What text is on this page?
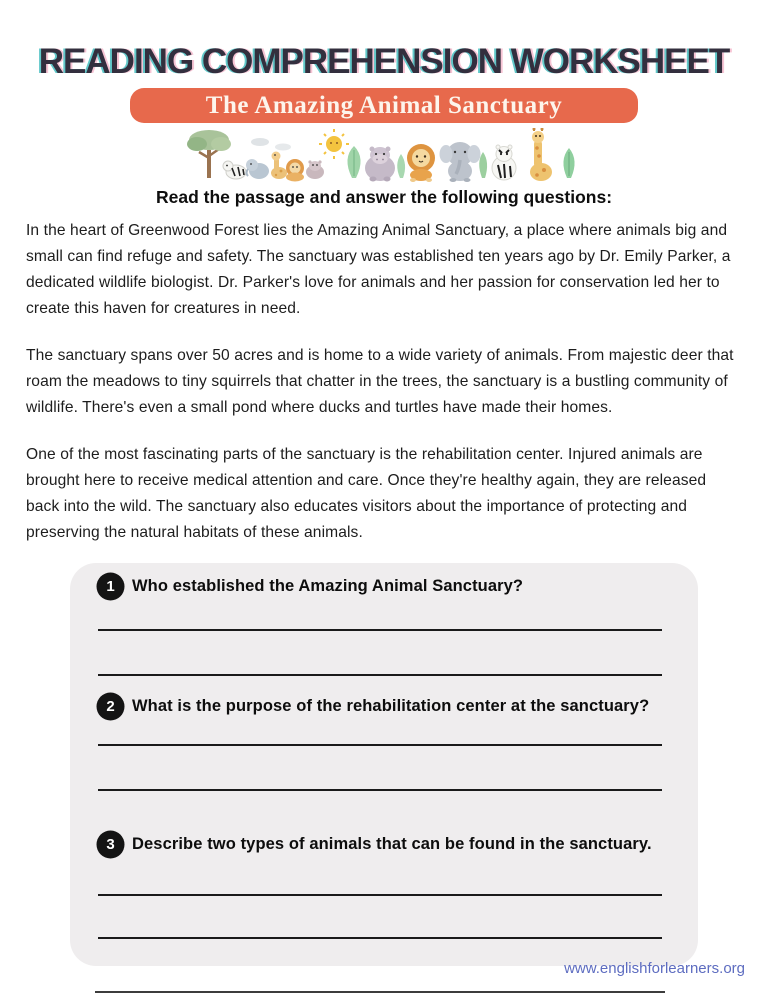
READING COMPREHENSION WORKSHEET
The Amazing Animal Sanctuary
Read the passage and answer the following questions:

In the heart of Greenwood Forest lies the Amazing Animal Sanctuary, a place where animals big and small can find refuge and safety. The sanctuary was established ten years ago by Dr. Emily Parker, a dedicated wildlife biologist. Dr. Parker's love for animals and her passion for conservation led her to create this haven for creatures in need.

The sanctuary spans over 50 acres and is home to a wide variety of animals. From majestic deer that roam the meadows to tiny squirrels that chatter in the trees, the sanctuary is a bustling community of wildlife. There's even a small pond where ducks and turtles have made their homes.

One of the most fascinating parts of the sanctuary is the rehabilitation center. Injured animals are brought here to receive medical attention and care. Once they're healthy again, they are released back into the wild. The sanctuary also educates visitors about the importance of protecting and preserving the natural habitats of these animals.

1	Who established the Amazing Animal Sanctuary?
2	What is the purpose of the rehabilitation center at the sanctuary?
3	Describe two types of animals that can be found in the sanctuary.
www.englishforlearners.org
